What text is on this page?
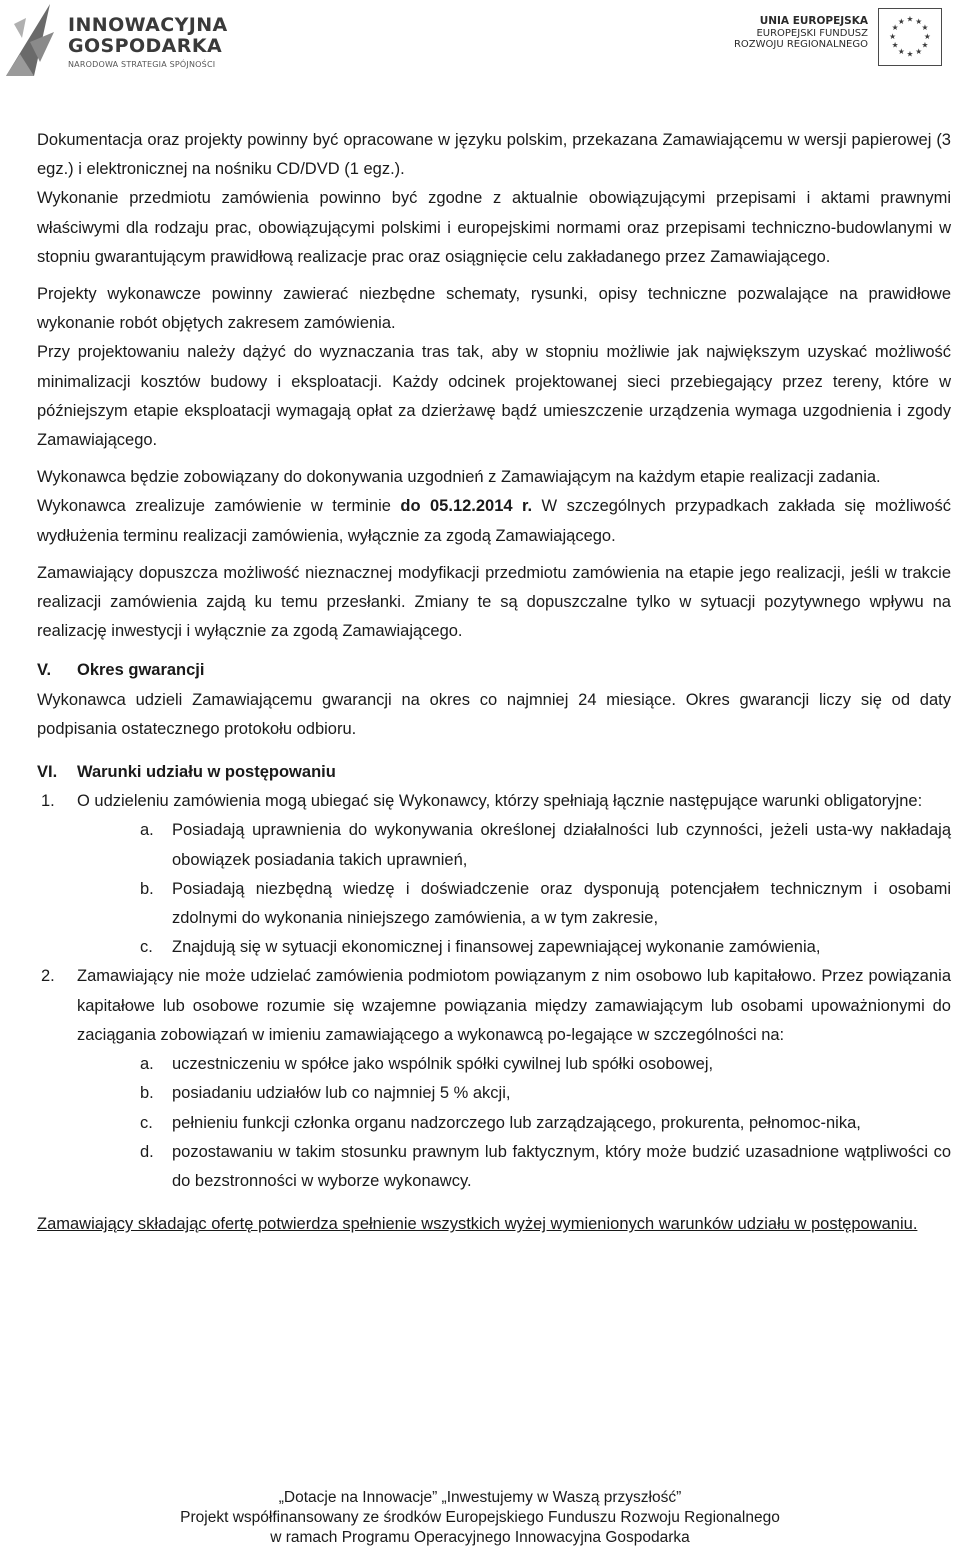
INNOWACYJNA
GOSPODARKA
NARODOWA STRATEGIA SPÓJNOŚCI
UNIA EUROPEJSKA
EUROPEJSKI FUNDUSZ
ROZWOJU REGIONALNEGO
★ ★
★
★
★
★
★
★
★
★
★
★

Dokumentacja oraz projekty powinny być opracowane w języku polskim, przekazana Zamawiającemu w wersji papierowej (3 egz.) i elektronicznej na nośniku CD/DVD (1 egz.).

Wykonanie przedmiotu zamówienia powinno być zgodne z aktualnie obowiązującymi przepisami i aktami prawnymi właściwymi dla rodzaju prac, obowiązującymi polskimi i europejskimi normami oraz przepisami techniczno-budowlanymi w stopniu gwarantującym prawidłową realizacje prac oraz osiągnięcie celu zakładanego przez Zamawiającego.

Projekty wykonawcze powinny zawierać niezbędne schematy, rysunki, opisy techniczne pozwalające na prawidłowe wykonanie robót objętych zakresem zamówienia.

Przy projektowaniu należy dążyć do wyznaczania tras tak, aby w stopniu możliwie jak największym uzyskać możliwość minimalizacji kosztów budowy i eksploatacji. Każdy odcinek projektowanej sieci przebiegający przez tereny, które w późniejszym etapie eksploatacji wymagają opłat za dzierżawę bądź umieszczenie urządzenia wymaga uzgodnienia i zgody Zamawiającego.

Wykonawca będzie zobowiązany do dokonywania uzgodnień z Zamawiającym na każdym etapie realizacji zadania.

Wykonawca zrealizuje zamówienie w terminie do 05.12.2014 r. W szczególnych przypadkach zakłada się możliwość wydłużenia terminu realizacji zamówienia, wyłącznie za zgodą Zamawiającego.

Zamawiający dopuszcza możliwość nieznacznej modyfikacji przedmiotu zamówienia na etapie jego realizacji, jeśli w trakcie realizacji zamówienia zajdą ku temu przesłanki. Zmiany te są dopuszczalne tylko w sytuacji pozytywnego wpływu na realizację inwestycji i wyłącznie za zgodą Zamawiającego.

V. Okres gwarancji

Wykonawca udzieli Zamawiającemu gwarancji na okres co najmniej 24 miesiące. Okres gwarancji liczy się od daty podpisania ostatecznego protokołu odbioru.

VI. Warunki udziału w postępowaniu
1. O udzieleniu zamówienia mogą ubiegać się Wykonawcy, którzy spełniają łącznie następujące warunki obligatoryjne:
a. Posiadają uprawnienia do wykonywania określonej działalności lub czynności, jeżeli usta-wy nakładają obowiązek posiadania takich uprawnień,
b. Posiadają niezbędną wiedzę i doświadczenie oraz dysponują potencjałem technicznym i osobami zdolnymi do wykonania niniejszego zamówienia, a w tym zakresie,
c. Znajdują się w sytuacji ekonomicznej i finansowej zapewniającej wykonanie zamówienia,
2. Zamawiający nie może udzielać zamówienia podmiotom powiązanym z nim osobowo lub kapitałowo. Przez powiązania kapitałowe lub osobowe rozumie się wzajemne powiązania między zamawiającym lub osobami upoważnionymi do zaciągania zobowiązań w imieniu zamawiającego a wykonawcą po-legające w szczególności na:
a. uczestniczeniu w spółce jako wspólnik spółki cywilnej lub spółki osobowej,
b. posiadaniu udziałów lub co najmniej 5 % akcji,
c. pełnieniu funkcji członka organu nadzorczego lub zarządzającego, prokurenta, pełnomoc-nika,
d. pozostawaniu w takim stosunku prawnym lub faktycznym, który może budzić uzasadnione wątpliwości co do bezstronności w wyborze wykonawcy.

Zamawiający składając ofertę potwierdza spełnienie wszystkich wyżej wymienionych warunków udziału w postępowaniu.

„Dotacje na Innowacje” „Inwestujemy w Waszą przyszłość”
Projekt współfinansowany ze środków Europejskiego Funduszu Rozwoju Regionalnego
w ramach Programu Operacyjnego Innowacyjna Gospodarka
